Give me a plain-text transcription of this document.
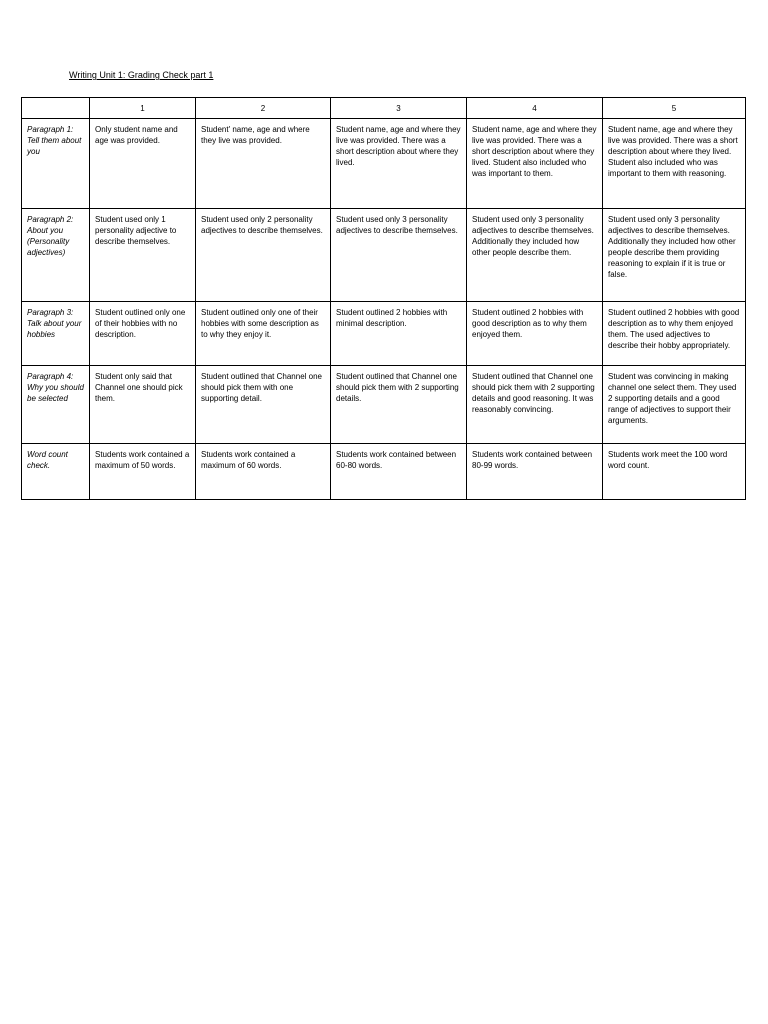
Writing Unit 1: Grading Check part 1
	1	2	3	4	5
Paragraph 1: Tell them about you	Only student name and age was provided.	Student' name, age and where they live was provided.	Student name, age and where they live was provided. There was a short description about where they lived.	Student name, age and where they live was provided. There was a short description about where they lived. Student also included who was important to them.	Student name, age and where they live was provided. There was a short description about where they lived. Student also included who was important to them with reasoning.
Paragraph 2: About you (Personality adjectives)	Student used only 1 personality adjective to describe themselves.	Student used only 2 personality adjectives to describe themselves.	Student used only 3 personality adjectives to describe themselves.	Student used only 3 personality adjectives to describe themselves. Additionally they included how other people describe them.	Student used only 3 personality adjectives to describe themselves. Additionally they included how other people describe them providing reasoning to explain if it is true or false.
Paragraph 3: Talk about your hobbies	Student outlined only one of their hobbies with no description.	Student outlined only one of their hobbies with some description as to why they enjoy it.	Student outlined 2 hobbies with minimal description.	Student outlined 2 hobbies with good description as to why them enjoyed them.	Student outlined 2 hobbies with good description as to why them enjoyed them. The used adjectives to describe their hobby appropriately.
Paragraph 4: Why you should be selected	Student only said that Channel one should pick them.	Student outlined that Channel one should pick them with one supporting detail.	Student outlined that Channel one should pick them with 2 supporting details.	Student outlined that Channel one should pick them with 2 supporting details and good reasoning. It was reasonably convincing.	Student was convincing in making channel one select them. They used 2 supporting details and a good range of adjectives to support their arguments.
Word count check.	Students work contained a maximum of 50 words.	Students work contained a maximum of 60 words.	Students work contained between 60-80 words.	Students work contained between 80-99 words.	Students work meet the 100 word word count.
